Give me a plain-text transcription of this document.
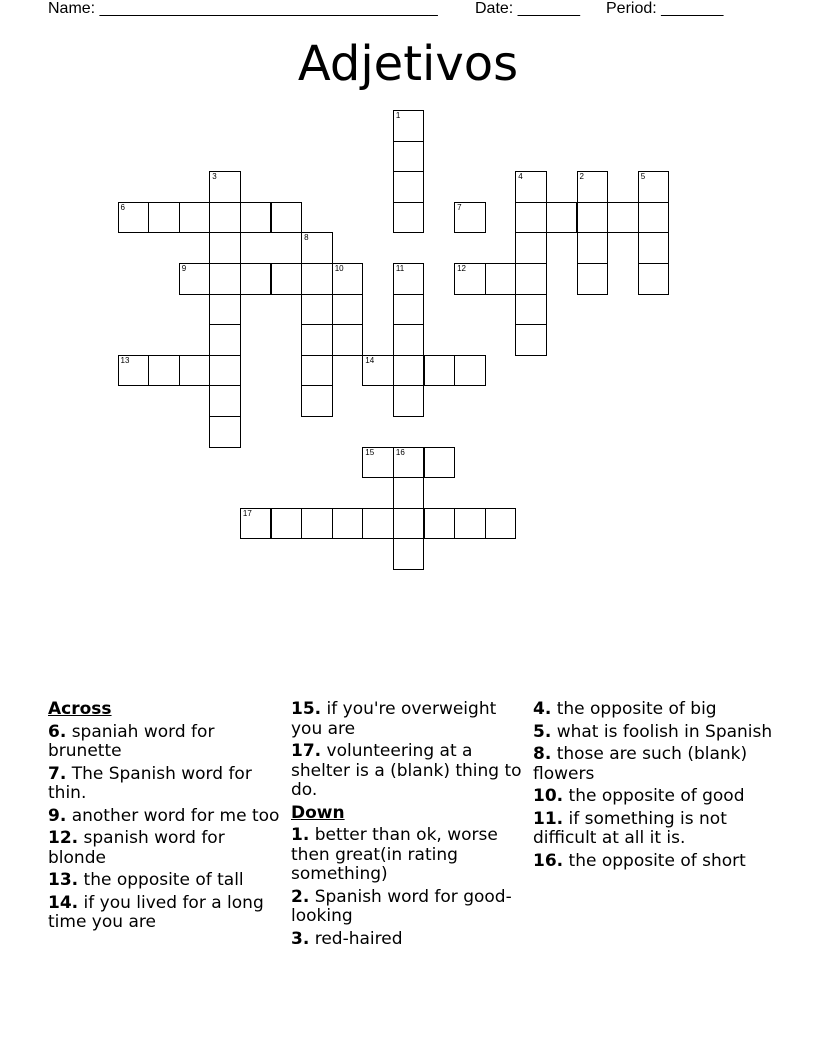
Name: ______________________________________ Date: _______ Period: _______
Adjetivos
1
2
3	4	5
6	7
8
9	10	11	12
13	14
15	16
17
Across
6. spaniah word for brunette
7. The Spanish word for thin.
9. another word for me too
12. spanish word for blonde
13. the opposite of tall
14. if you lived for a long time you are
15. if you're overweight you are
17. volunteering at a shelter is a (blank) thing to do.
Down
1. better than ok, worse then great(in rating something)
2. Spanish word for good-looking
3. red-haired
4. the opposite of big
5. what is foolish in Spanish
8. those are such (blank) flowers
10. the opposite of good
11. if something is not difficult at all it is.
16. the opposite of short
